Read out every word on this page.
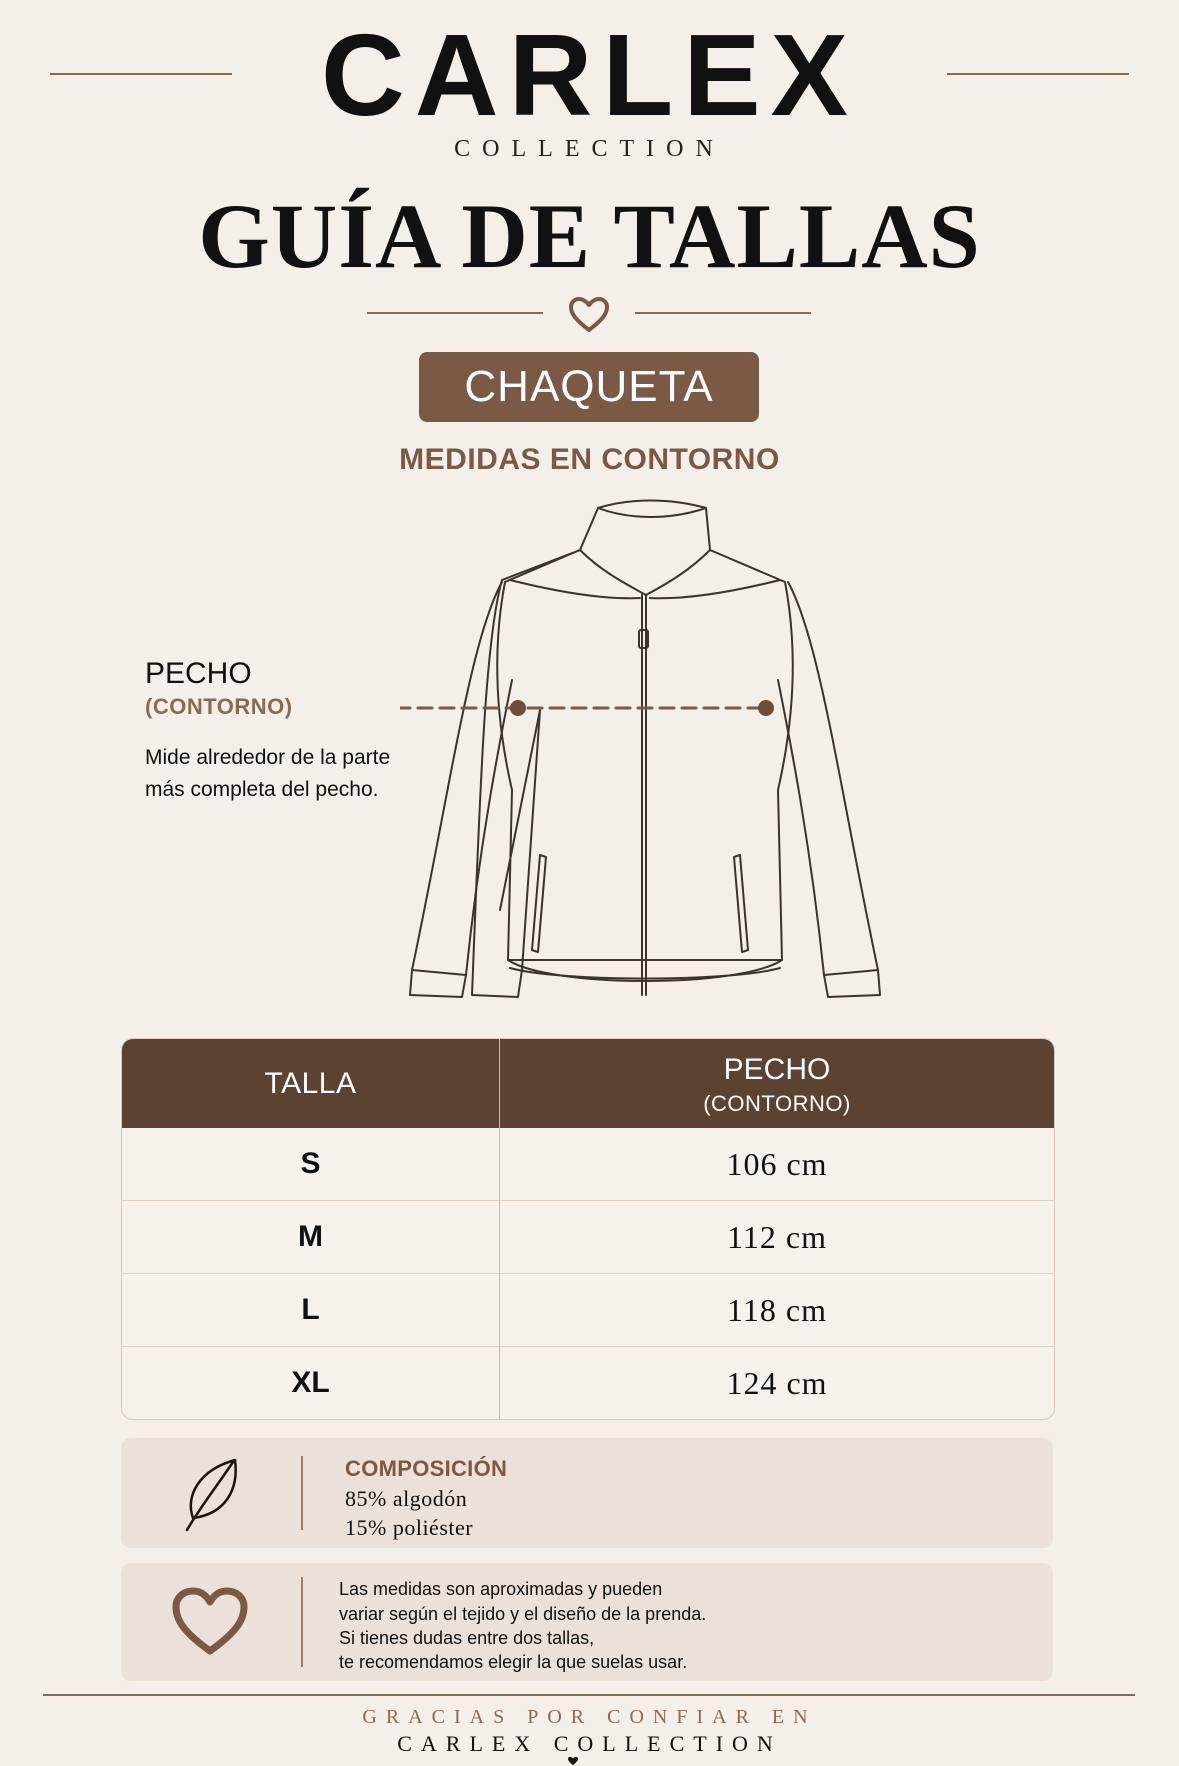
CARLEX
COLLECTION
GUÍA DE TALLAS
CHAQUETA
MEDIDAS EN CONTORNO
PECHO
(CONTORNO)
Mide alrededor de la parte
más completa del pecho.
TALLA	PECHO
(CONTORNO)
S	106 cm
M	112 cm
L	118 cm
XL	124 cm
COMPOSICIÓN
85% algodón
15% poliéster
Las medidas son aproximadas y pueden
variar según el tejido y el diseño de la prenda.
Si tienes dudas entre dos tallas,
te recomendamos elegir la que suelas usar.
GRACIAS POR CONFIAR EN
CARLEX COLLECTION
